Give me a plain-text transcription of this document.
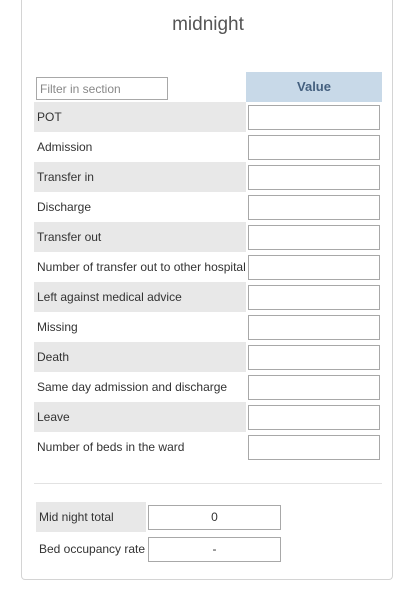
midnight
Filter in section
Value
POT
Admission
Transfer in
Discharge
Transfer out
Number of transfer out to other hospital
Left against medical advice
Missing
Death
Same day admission and discharge
Leave
Number of beds in the ward
Mid night total	0
Bed occupancy rate	-
